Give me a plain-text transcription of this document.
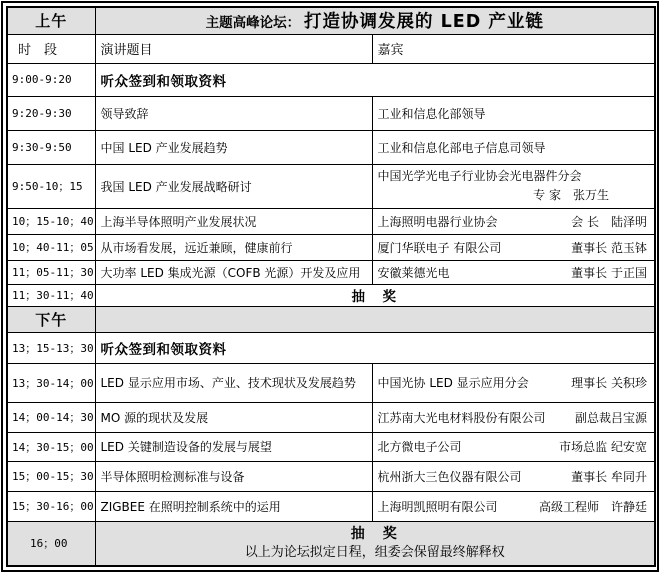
上午	主题高峰论坛： 打造协调发展的 LED 产业链	
时　段	演讲题目	嘉宾
9:00-9:20	听众签到和领取资料	
9:20-9:30	领导致辞	工业和信息化部领导

9:30-9:50	中国 LED 产业发展趋势	工业和信息化部电子信息司领导

9:50-10；15	我国 LED 产业发展战略研讨	中国光学光电子行业协会光电器件分会
专 家　张万生

10；15-10；40	上海半导体照明产业发展状况	上海照明电器行业协会 会 长　陆泽明

10；40-11；05	从市场看发展，远近兼顾，健康前行	厦门华联电子 有限公司 董事长 范玉钵

11；05-11；30	大功率 LED 集成光源（COFB 光源）开发及应用	安徽莱德光电 董事长 于正国

11；30-11；40	抽　奖	
下午		
13；15-13；30	听众签到和领取资料	
13；30-14；00	LED 显示应用市场、产业、技术现状及发展趋势	中国光协 LED 显示应用分会 理事长 关积珍

14；00-14；30	MO 源的现状及发展	江苏南大光电材料股份有限公司 副总裁吕宝源

14；30-15；00	LED 关键制造设备的发展与展望	北方微电子公司 市场总监 纪安宽

15；00-15；30	半导体照明检测标准与设备	杭州浙大三色仪器有限公司 董事长 牟同升

15；30-16；00	ZIGBEE 在照明控制系统中的运用	上海明凯照明有限公司 高级工程师　许静廷

16；00	抽　奖
以上为论坛拟定日程，组委会保留最终解释权	
